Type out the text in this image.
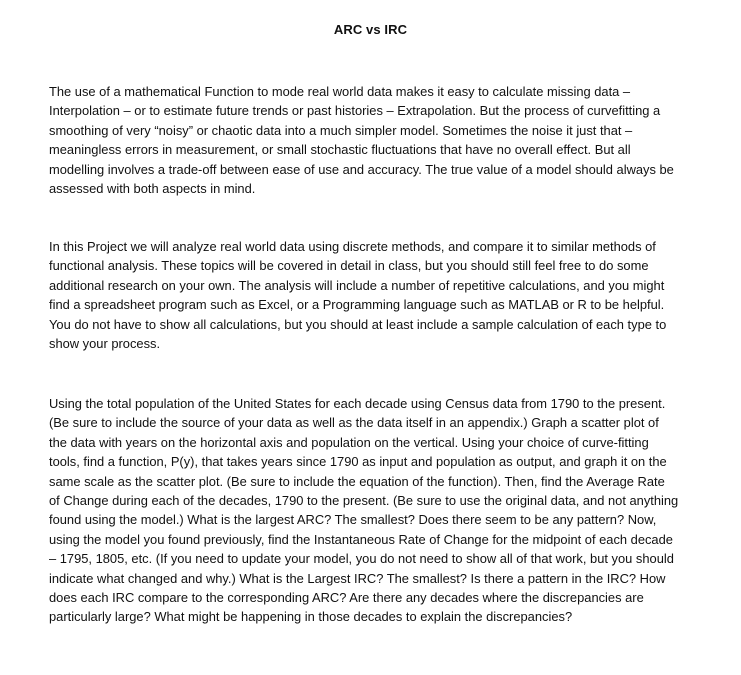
ARC vs IRC

The use of a mathematical Function to mode real world data makes it easy to calculate missing data – Interpolation – or to estimate future trends or past histories – Extrapolation. But the process of curvefitting a smoothing of very “noisy” or chaotic data into a much simpler model. Sometimes the noise it just that – meaningless errors in measurement, or small stochastic fluctuations that have no overall effect. But all modelling involves a trade-off between ease of use and accuracy. The true value of a model should always be assessed with both aspects in mind.

In this Project we will analyze real world data using discrete methods, and compare it to similar methods of functional analysis. These topics will be covered in detail in class, but you should still feel free to do some additional research on your own. The analysis will include a number of repetitive calculations, and you might find a spreadsheet program such as Excel, or a Programming language such as MATLAB or R to be helpful. You do not have to show all calculations, but you should at least include a sample calculation of each type to show your process.

Using the total population of the United States for each decade using Census data from 1790 to the present. (Be sure to include the source of your data as well as the data itself in an appendix.) Graph a scatter plot of the data with years on the horizontal axis and population on the vertical. Using your choice of curve-fitting tools, find a function, P(y), that takes years since 1790 as input and population as output, and graph it on the same scale as the scatter plot. (Be sure to include the equation of the function). Then, find the Average Rate of Change during each of the decades, 1790 to the present. (Be sure to use the original data, and not anything found using the model.) What is the largest ARC? The smallest? Does there seem to be any pattern? Now, using the model you found previously, find the Instantaneous Rate of Change for the midpoint of each decade – 1795, 1805, etc. (If you need to update your model, you do not need to show all of that work, but you should indicate what changed and why.) What is the Largest IRC? The smallest? Is there a pattern in the IRC? How does each IRC compare to the corresponding ARC? Are there any decades where the discrepancies are particularly large? What might be happening in those decades to explain the discrepancies?
